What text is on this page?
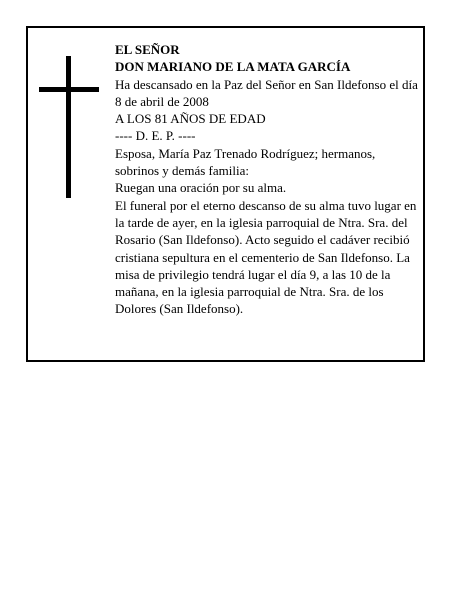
EL SEÑOR

DON MARIANO DE LA MATA GARCÍA

Ha descansado en la Paz del Señor en San Ildefonso el día 8 de abril de 2008

A LOS 81 AÑOS DE EDAD

---- D. E. P. ----

Esposa, María Paz Trenado Rodríguez; hermanos, sobrinos y demás familia:

Ruegan una oración por su alma.

El funeral por el eterno descanso de su alma tuvo lugar en la tarde de ayer, en la iglesia parroquial de Ntra. Sra. del Rosario (San Ildefonso). Acto seguido el cadáver recibió cristiana sepultura en el cementerio de San Ildefonso. La misa de privilegio tendrá lugar el día 9, a las 10 de la mañana, en la iglesia parroquial de Ntra. Sra. de los Dolores (San Ildefonso).
